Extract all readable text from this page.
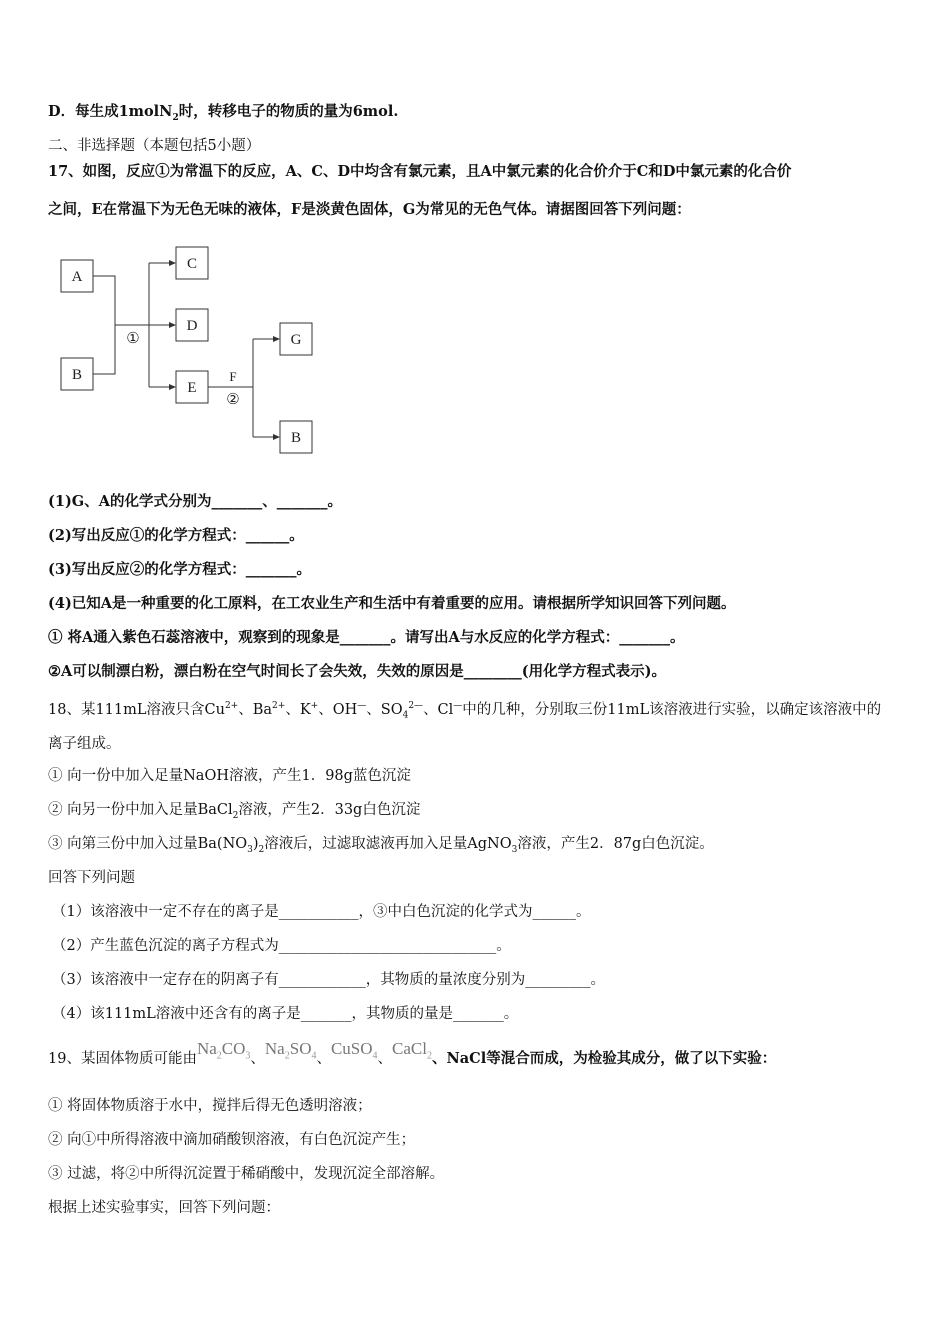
D．每生成1molN$_2$时，转移电子的物质的量为6mol.
二、非选择题（本题包括5小题）
17、如图，反应①为常温下的反应，A、C、D中均含有氯元素，且A中氯元素的化合价介于C和D中氯元素的化合价
之间，E在常温下为无色无味的液体，F是淡黄色固体，G为常见的无色气体。请据图回答下列问题：
A
B
C
D
E
G
B
①
F
②
(1)G、A的化学式分别为_______、_______。
(2)写出反应①的化学方程式：______。
(3)写出反应②的化学方程式：_______。
(4)已知A是一种重要的化工原料，在工农业生产和生活中有着重要的应用。请根据所学知识回答下列问题。
① 将A通入紫色石蕊溶液中，观察到的现象是_______。请写出A与水反应的化学方程式：_______。
②A可以制漂白粉，漂白粉在空气时间长了会失效，失效的原因是________(用化学方程式表示)。
18、某111mL溶液只含$Cu^{2+}$、$Ba^{2+}$、K+、OH—、$SO_4^{2—}$、Cl—中的几种，分别取三份11mL该溶液进行实验，以确定该溶液中的
离子组成。
① 向一份中加入足量NaOH溶液，产生1．98g蓝色沉淀
② 向另一份中加入足量BaCl$_2$溶液，产生2．33g白色沉淀
③ 向第三份中加入过量$Ba(NO_3)_2$溶液后，过滤取滤液再加入足量AgNO$_3$溶液，产生2．87g白色沉淀。
回答下列问题
（1）该溶液中一定不存在的离子是___________，③中白色沉淀的化学式为______。
（2）产生蓝色沉淀的离子方程式为______________________________。
（3）该溶液中一定存在的阴离子有____________，其物质的量浓度分别为_________。
（4）该111mL溶液中还含有的离子是_______，其物质的量是_______。
19、某固体物质可能由$Na_2CO_3$、$Na_2SO_4$、CuSO$_4$、CaCl$_2$、NaCl等混合而成，为检验其成分，做了以下实验：
① 将固体物质溶于水中，搅拌后得无色透明溶液；
② 向①中所得溶液中滴加硝酸钡溶液，有白色沉淀产生；
③ 过滤，将②中所得沉淀置于稀硝酸中，发现沉淀全部溶解。
根据上述实验事实，回答下列问题：
